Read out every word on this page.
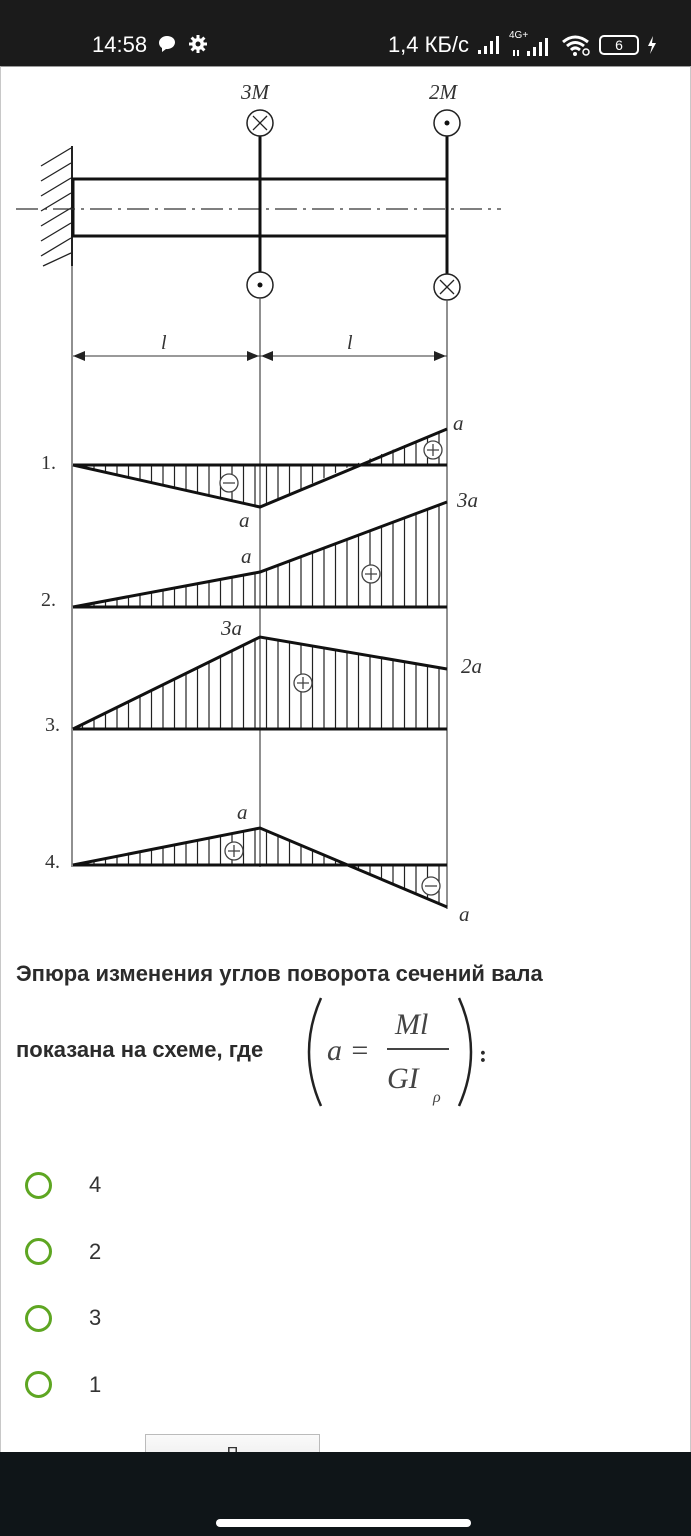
14:58	1,4 КБ/с	4G+
6
3M	2M
l	l
1.
a
a
2.
a
3a
3.
3a
2a
4.
a
a
Эпюра изменения углов поворота сечений вала
показана на схеме, где a =
Ml
GI
ρ
:
4
2
3
1
